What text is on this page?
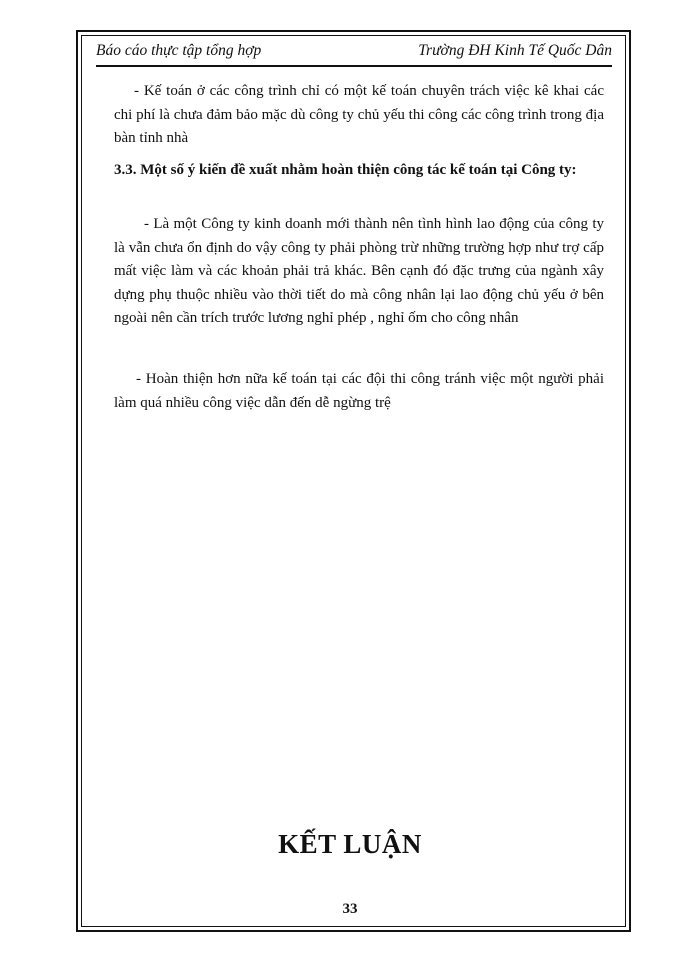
Báo cáo thực tập tổng hợp	Trường ĐH Kinh Tế Quốc Dân

- Kế toán ở các công trình chỉ có một kế toán chuyên trách việc kê khai các chi phí là chưa đảm bảo mặc dù công ty chủ yếu thi công các công trình trong địa bàn tỉnh nhà

3.3. Một số ý kiến đề xuất nhằm hoàn thiện công tác kế toán tại Công ty:

- Là một Công ty kinh doanh mới thành nên tình hình lao động của công ty là vẫn chưa ổn định do vậy công ty phải phòng trừ những trường hợp như trợ cấp mất việc làm và các khoản phải trả khác. Bên cạnh đó đặc trưng của ngành xây dựng phụ thuộc nhiều vào thời tiết do mà công nhân lại lao động chủ yếu ở bên ngoài nên cần trích trước lương nghỉ phép , nghỉ ốm cho công nhân

- Hoàn thiện hơn nữa kế toán tại các đội thi công tránh việc một người phải làm quá nhiều công việc dẫn đến dễ ngừng trệ

KẾT LUẬN
33
